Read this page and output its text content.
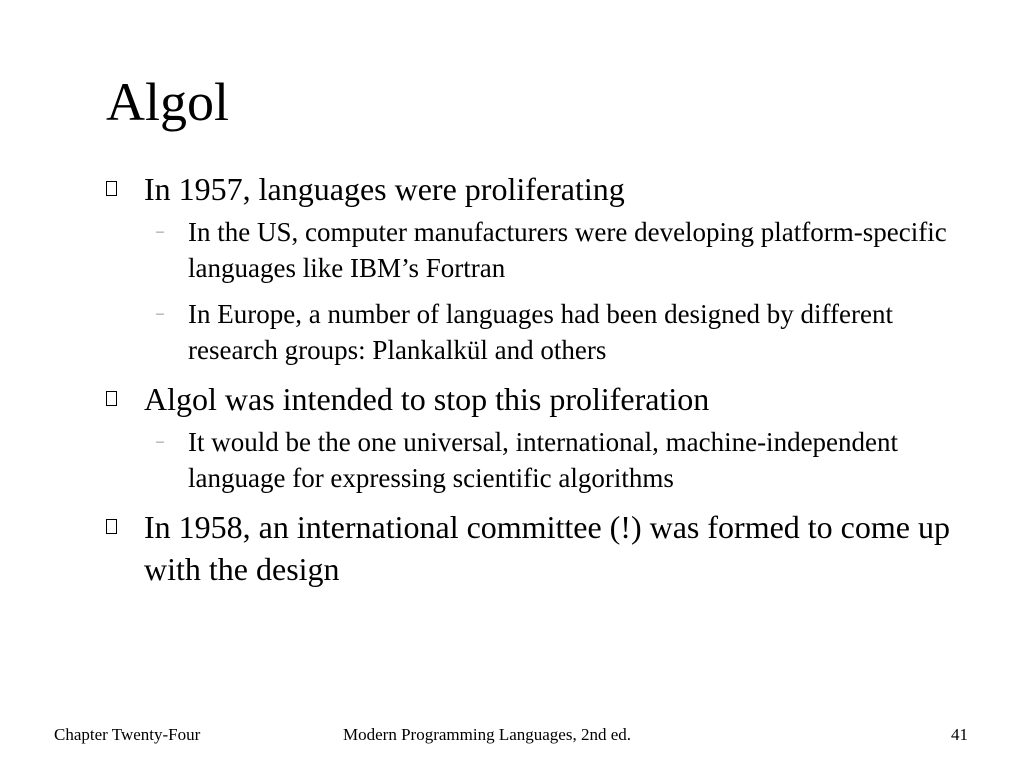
Algol
In 1957, languages were proliferating
– In the US, computer manufacturers were developing platform-specific languages like IBM’s Fortran
– In Europe, a number of languages had been designed by different research groups: Plankalkül and others
Algol was intended to stop this proliferation
– It would be the one universal, international, machine-independent language for expressing scientific algorithms
In 1958, an international committee (!) was formed to come up with the design
Chapter Twenty-Four	Modern Programming Languages, 2nd ed.	41
